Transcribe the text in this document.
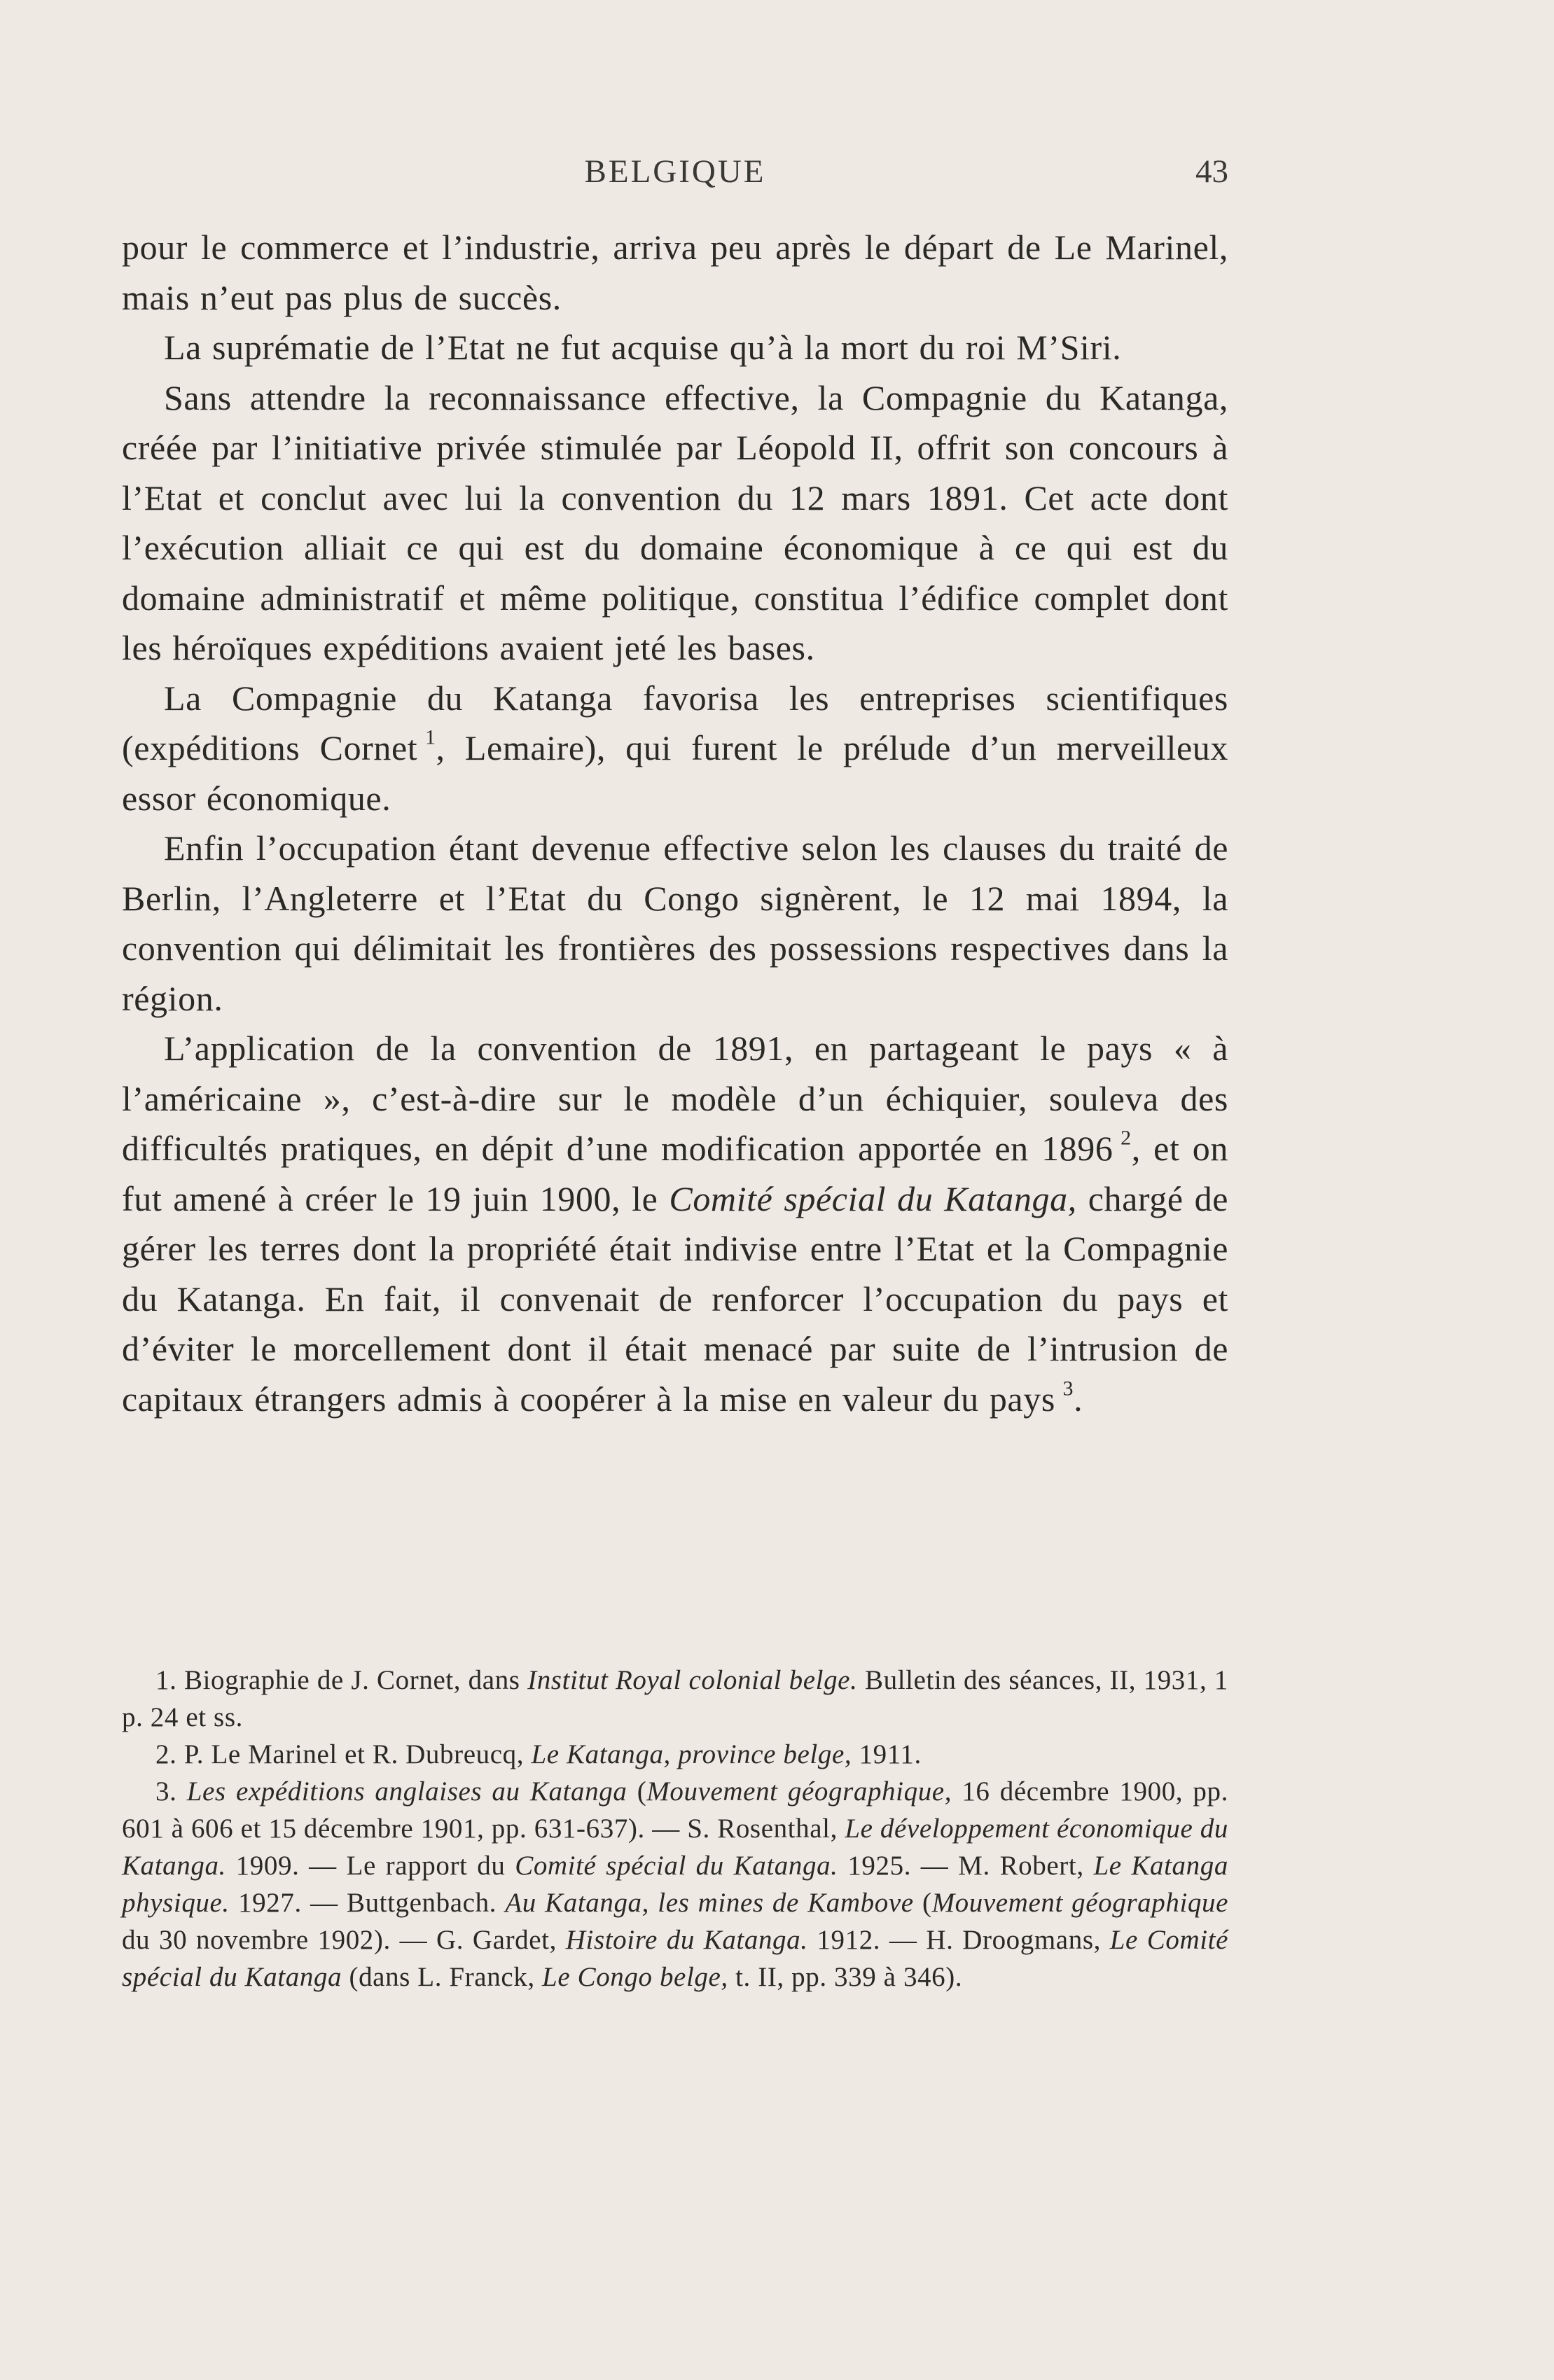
BELGIQUE	43

pour le commerce et l’industrie, arriva peu après le départ de Le Marinel, mais n’eut pas plus de succès.

La suprématie de l’Etat ne fut acquise qu’à la mort du roi M’Siri.

Sans attendre la reconnaissance effective, la Compagnie du Katanga, créée par l’initiative privée stimulée par Léopold II, offrit son concours à l’Etat et conclut avec lui la convention du 12 mars 1891. Cet acte dont l’exécution alliait ce qui est du domaine économique à ce qui est du domaine administratif et même politique, constitua l’édifice complet dont les héroïques expéditions avaient jeté les bases.

La Compagnie du Katanga favorisa les entreprises scientifiques (expéditions Cornet  $^1$, Lemaire), qui furent le prélude d’un merveilleux essor économique.

Enfin l’occupation étant devenue effective selon les clauses du traité de Berlin, l’Angleterre et l’Etat du Congo signèrent, le 12 mai 1894, la convention qui délimitait les frontières des possessions respectives dans la région.

L’application de la convention de 1891, en partageant le pays « à l’américaine », c’est-à-dire sur le modèle d’un échiquier, souleva des difficultés pratiques, en dépit d’une modification apportée en 1896  $^2$, et on fut amené à créer le 19 juin 1900, le Comité spécial du Katanga, chargé de gérer les terres dont la propriété était indivise entre l’Etat et la Compagnie du Katanga. En fait, il convenait de renforcer l’occupation du pays et d’éviter le morcellement dont il était menacé par suite de l’intrusion de capitaux étrangers admis à coopérer à la mise en valeur du pays  $^3$.

1. Biographie de J. Cornet, dans Institut Royal colonial belge. Bulletin des séances, II, 1931, 1 p. 24 et ss.

2. P. Le Marinel et R. Dubreucq, Le Katanga, province belge, 1911.

3. Les expéditions anglaises au Katanga (Mouvement géographique, 16 décembre 1900, pp. 601 à 606 et 15 décembre 1901, pp. 631-637). — S. Rosenthal, Le développement économique du Katanga. 1909. — Le rapport du Comité spécial du Katanga. 1925. — M. Robert, Le Katanga physique. 1927. — Buttgenbach. Au Katanga, les mines de Kambove (Mouvement géographique du 30 novembre 1902). — G. Gardet, Histoire du Katanga. 1912. — H. Droogmans, Le Comité spécial du Katanga (dans L. Franck, Le Congo belge, t. II, pp. 339 à 346).
